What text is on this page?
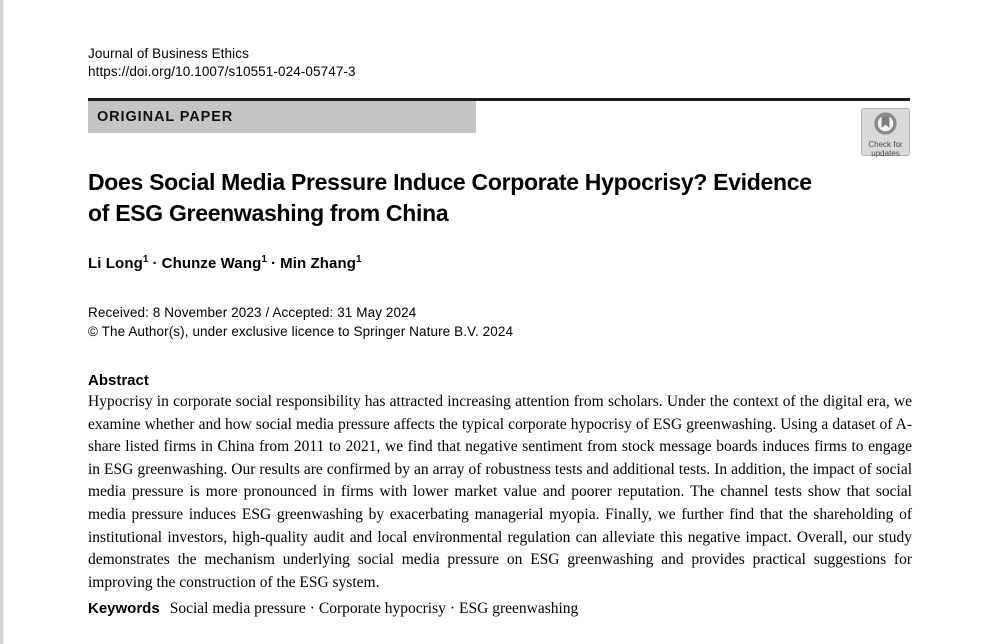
Journal of Business Ethics
https://doi.org/10.1007/s10551-024-05747-3
ORIGINAL PAPER
Check for
updates
Does Social Media Pressure Induce Corporate Hypocrisy? Evidence
of ESG Greenwashing from China
Li Long$^1$ · Chunze Wang$^1$ · Min Zhang$^1$
Received: 8 November 2023 / Accepted: 31 May 2024
© The Author(s), under exclusive licence to Springer Nature B.V. 2024
Abstract
Hypocrisy in corporate social responsibility has attracted increasing attention from scholars. Under the context of the digital era, we examine whether and how social media pressure affects the typical corporate hypocrisy of ESG greenwashing. Using a dataset of A-share listed firms in China from 2011 to 2021, we find that negative sentiment from stock message boards induces firms to engage in ESG greenwashing. Our results are confirmed by an array of robustness tests and additional tests. In addition, the impact of social media pressure is more pronounced in firms with lower market value and poorer reputation. The channel tests show that social media pressure induces ESG greenwashing by exacerbating managerial myopia. Finally, we further find that the shareholding of institutional investors, high-quality audit and local environmental regulation can alleviate this negative impact. Overall, our study demonstrates the mechanism underlying social media pressure on ESG greenwashing and provides practical suggestions for improving the construction of the ESG system.
Keywords Social media pressure · Corporate hypocrisy · ESG greenwashing
